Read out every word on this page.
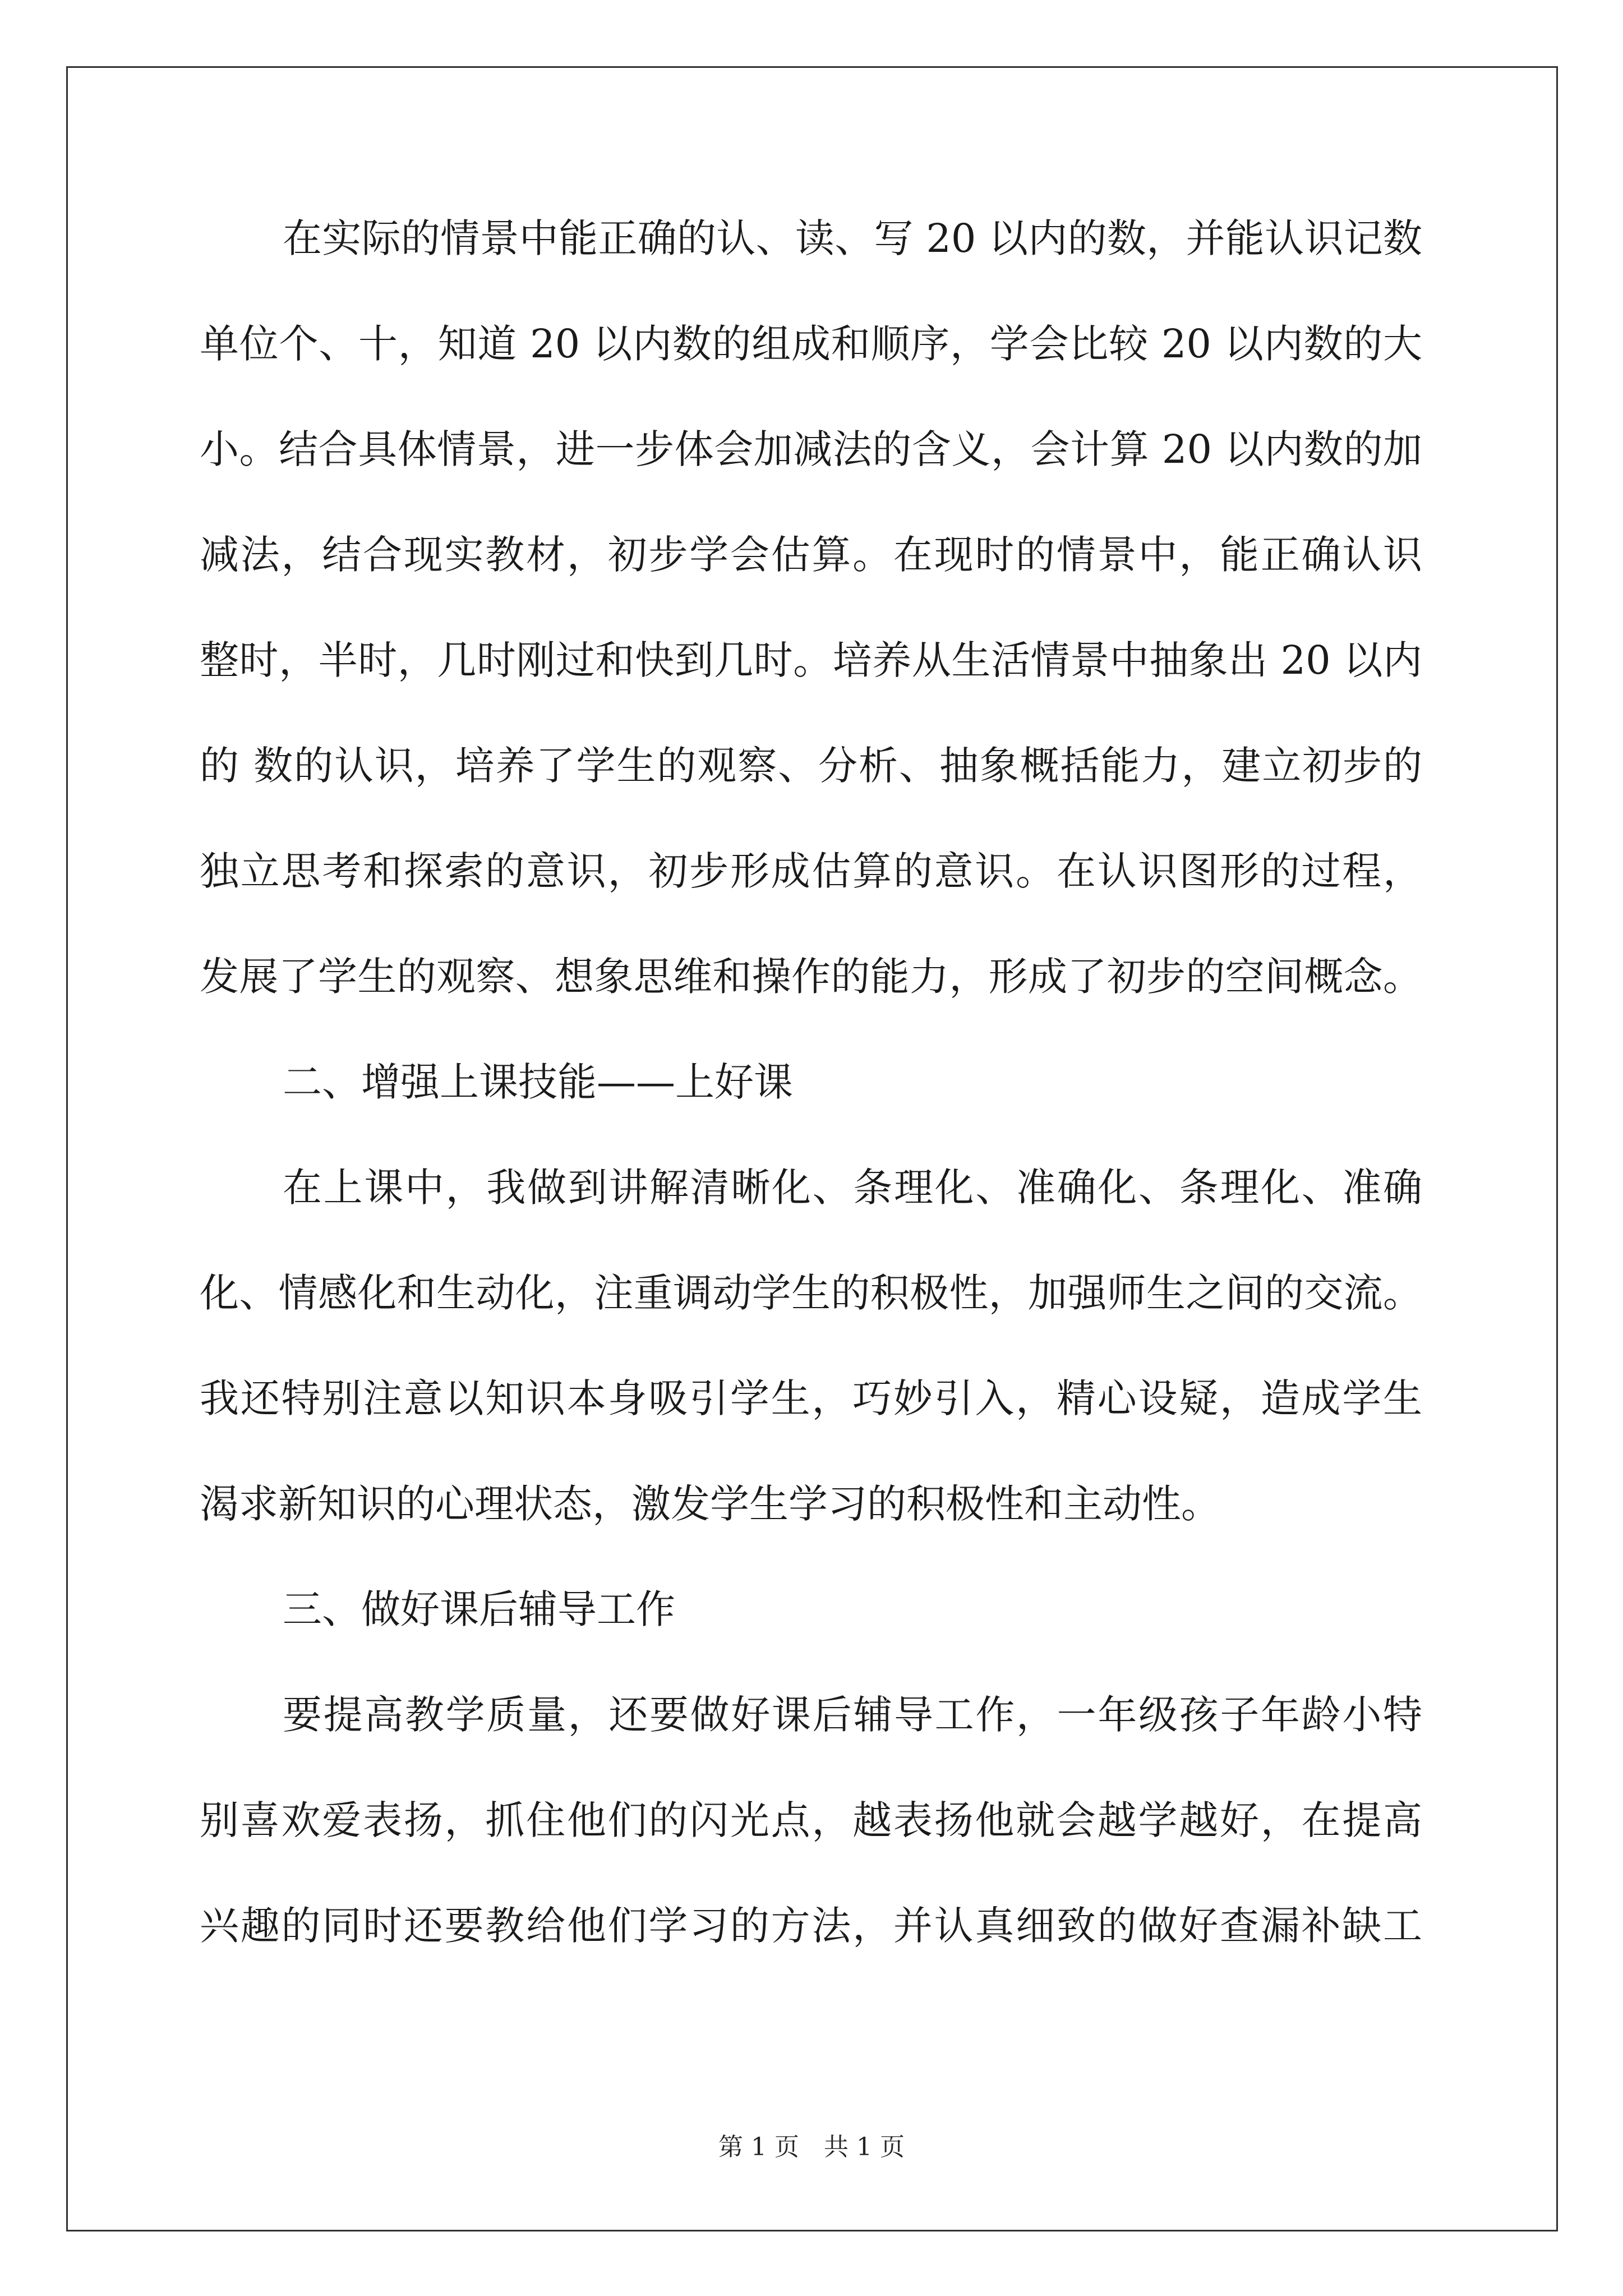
在实际的情景中能正确的认、读、写 20 以内的数，并能认识记数
单位个、十，知道 20 以内数的组成和顺序，学会比较 20 以内数的大
小。结合具体情景，进一步体会加减法的含义，会计算 20 以内数的加
减法，结合现实教材，初步学会估算。在现时的情景中，能正确认识
整时，半时，几时刚过和快到几时。培养从生活情景中抽象出 20 以内
的 数的认识，培养了学生的观察、分析、抽象概括能力，建立初步的
独立思考和探索的意识，初步形成估算的意识。在认识图形的过程，
发展了学生的观察、想象思维和操作的能力，形成了初步的空间概念。
二、增强上课技能——上好课
在上课中，我做到讲解清晰化、条理化、准确化、条理化、准确
化、情感化和生动化，注重调动学生的积极性，加强师生之间的交流。
我还特别注意以知识本身吸引学生，巧妙引入，精心设疑，造成学生
渴求新知识的心理状态，激发学生学习的积极性和主动性。
三、做好课后辅导工作
要提高教学质量，还要做好课后辅导工作，一年级孩子年龄小特
别喜欢爱表扬，抓住他们的闪光点，越表扬他就会越学越好，在提高
兴趣的同时还要教给他们学习的方法，并认真细致的做好查漏补缺工
第 1 页　共 1 页
